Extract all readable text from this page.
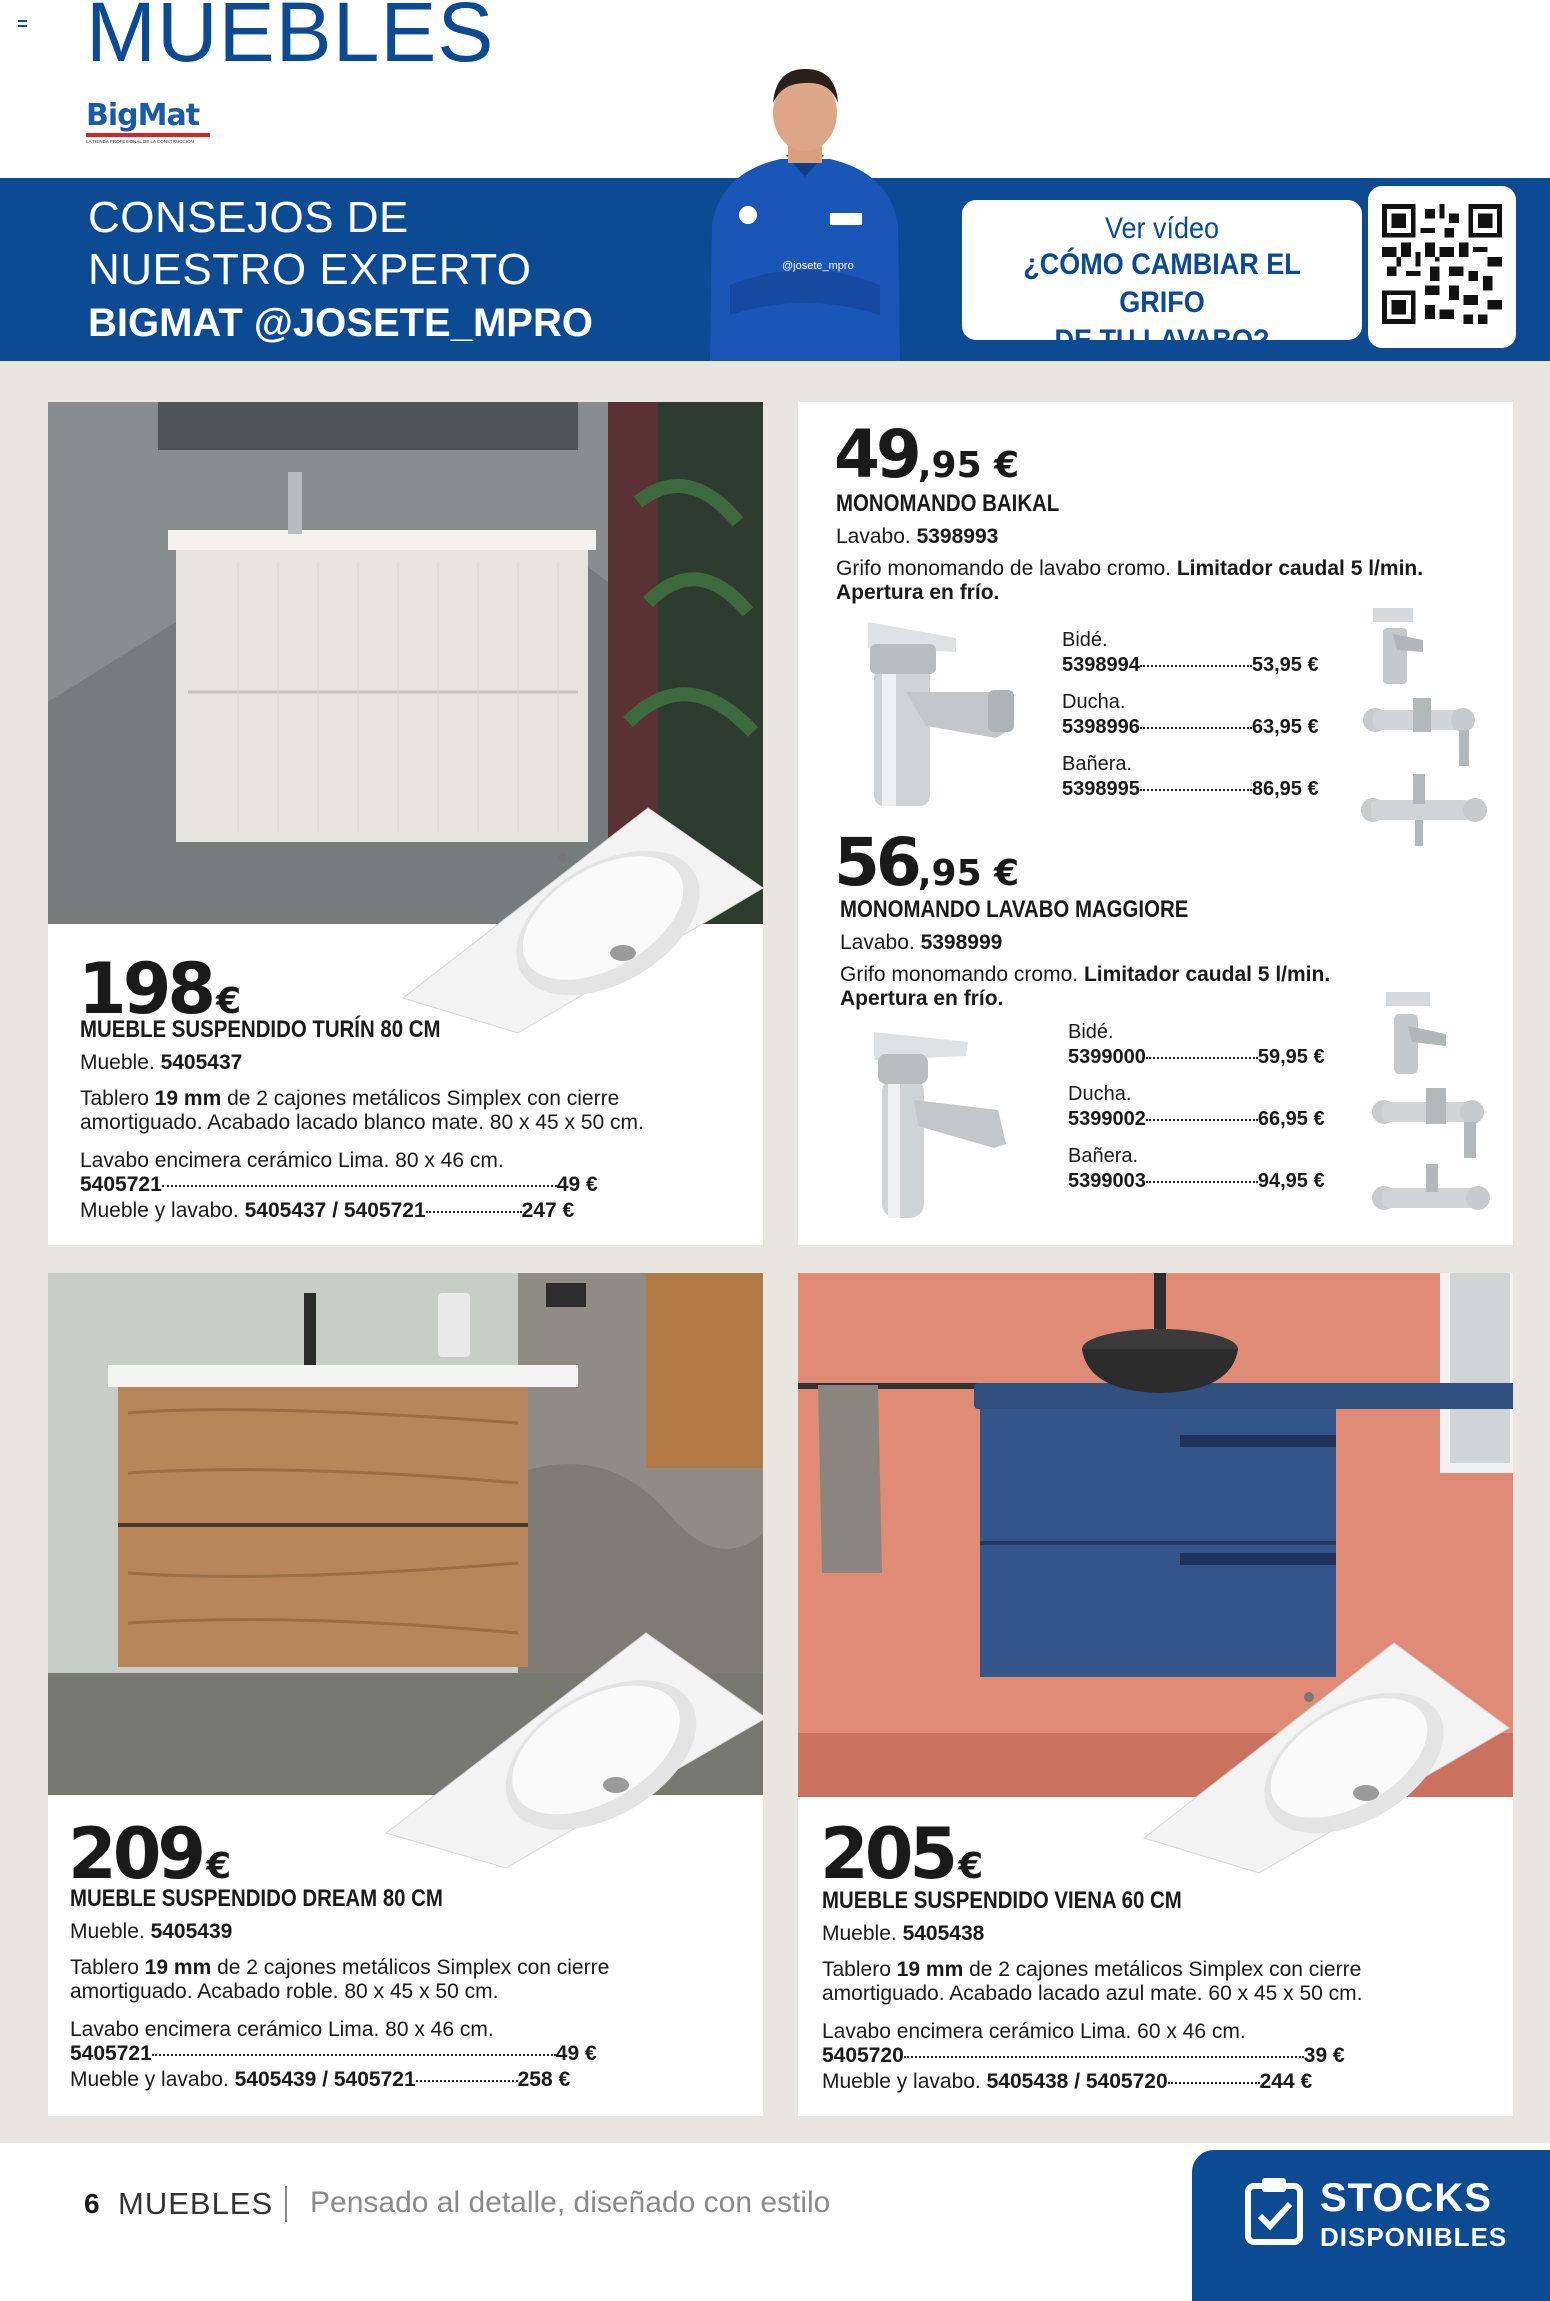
MUEBLES
BigMat
LA TIENDA PROFESIONAL DE LA CONSTRUCCIÓN
CONSEJOS DE
NUESTRO EXPERTO
BIGMAT @JOSETE_MPRO
@josete_mpro
Ver vídeo
¿CÓMO CAMBIAR EL GRIFO
DE TU LAVABO?
198 €
MUEBLE SUSPENDIDO TURÍN 80 CM
Mueble. 5405437
Tablero 19 mm de 2 cajones metálicos Simplex con cierre
amortiguado. Acabado lacado blanco mate. 80 x 45 x 50 cm.
Lavabo encimera cerámico Lima. 80 x 46 cm.
5405721	49 €
Mueble y lavabo. 5405437 / 5405721	247 €
49,95 €
MONOMANDO BAIKAL
Lavabo. 5398993
Grifo monomando de lavabo cromo. Limitador caudal 5 l/min.
Apertura en frío.
Bidé.
5398994	53,95 €
Ducha.
5398996	63,95 €
Bañera.
5398995	86,95 €
56,95 €
MONOMANDO LAVABO MAGGIORE
Lavabo. 5398999
Grifo monomando cromo. Limitador caudal 5 l/min.
Apertura en frío.
Bidé.
5399000	59,95 €
Ducha.
5399002	66,95 €
Bañera.
5399003	94,95 €
209 €
MUEBLE SUSPENDIDO DREAM 80 CM
Mueble. 5405439
Tablero 19 mm de 2 cajones metálicos Simplex con cierre
amortiguado. Acabado roble. 80 x 45 x 50 cm.
Lavabo encimera cerámico Lima. 80 x 46 cm.
5405721	49 €
Mueble y lavabo. 5405439 / 5405721	258 €
205 €
MUEBLE SUSPENDIDO VIENA 60 CM
Mueble. 5405438
Tablero 19 mm de 2 cajones metálicos Simplex con cierre
amortiguado. Acabado lacado azul mate. 60 x 45 x 50 cm.
Lavabo encimera cerámico Lima. 60 x 46 cm.
5405720	39 €
Mueble y lavabo. 5405438 / 5405720	244 €
6 MUEBLES Pensado al detalle, diseñado con estilo	STOCKS
DISPONIBLES
